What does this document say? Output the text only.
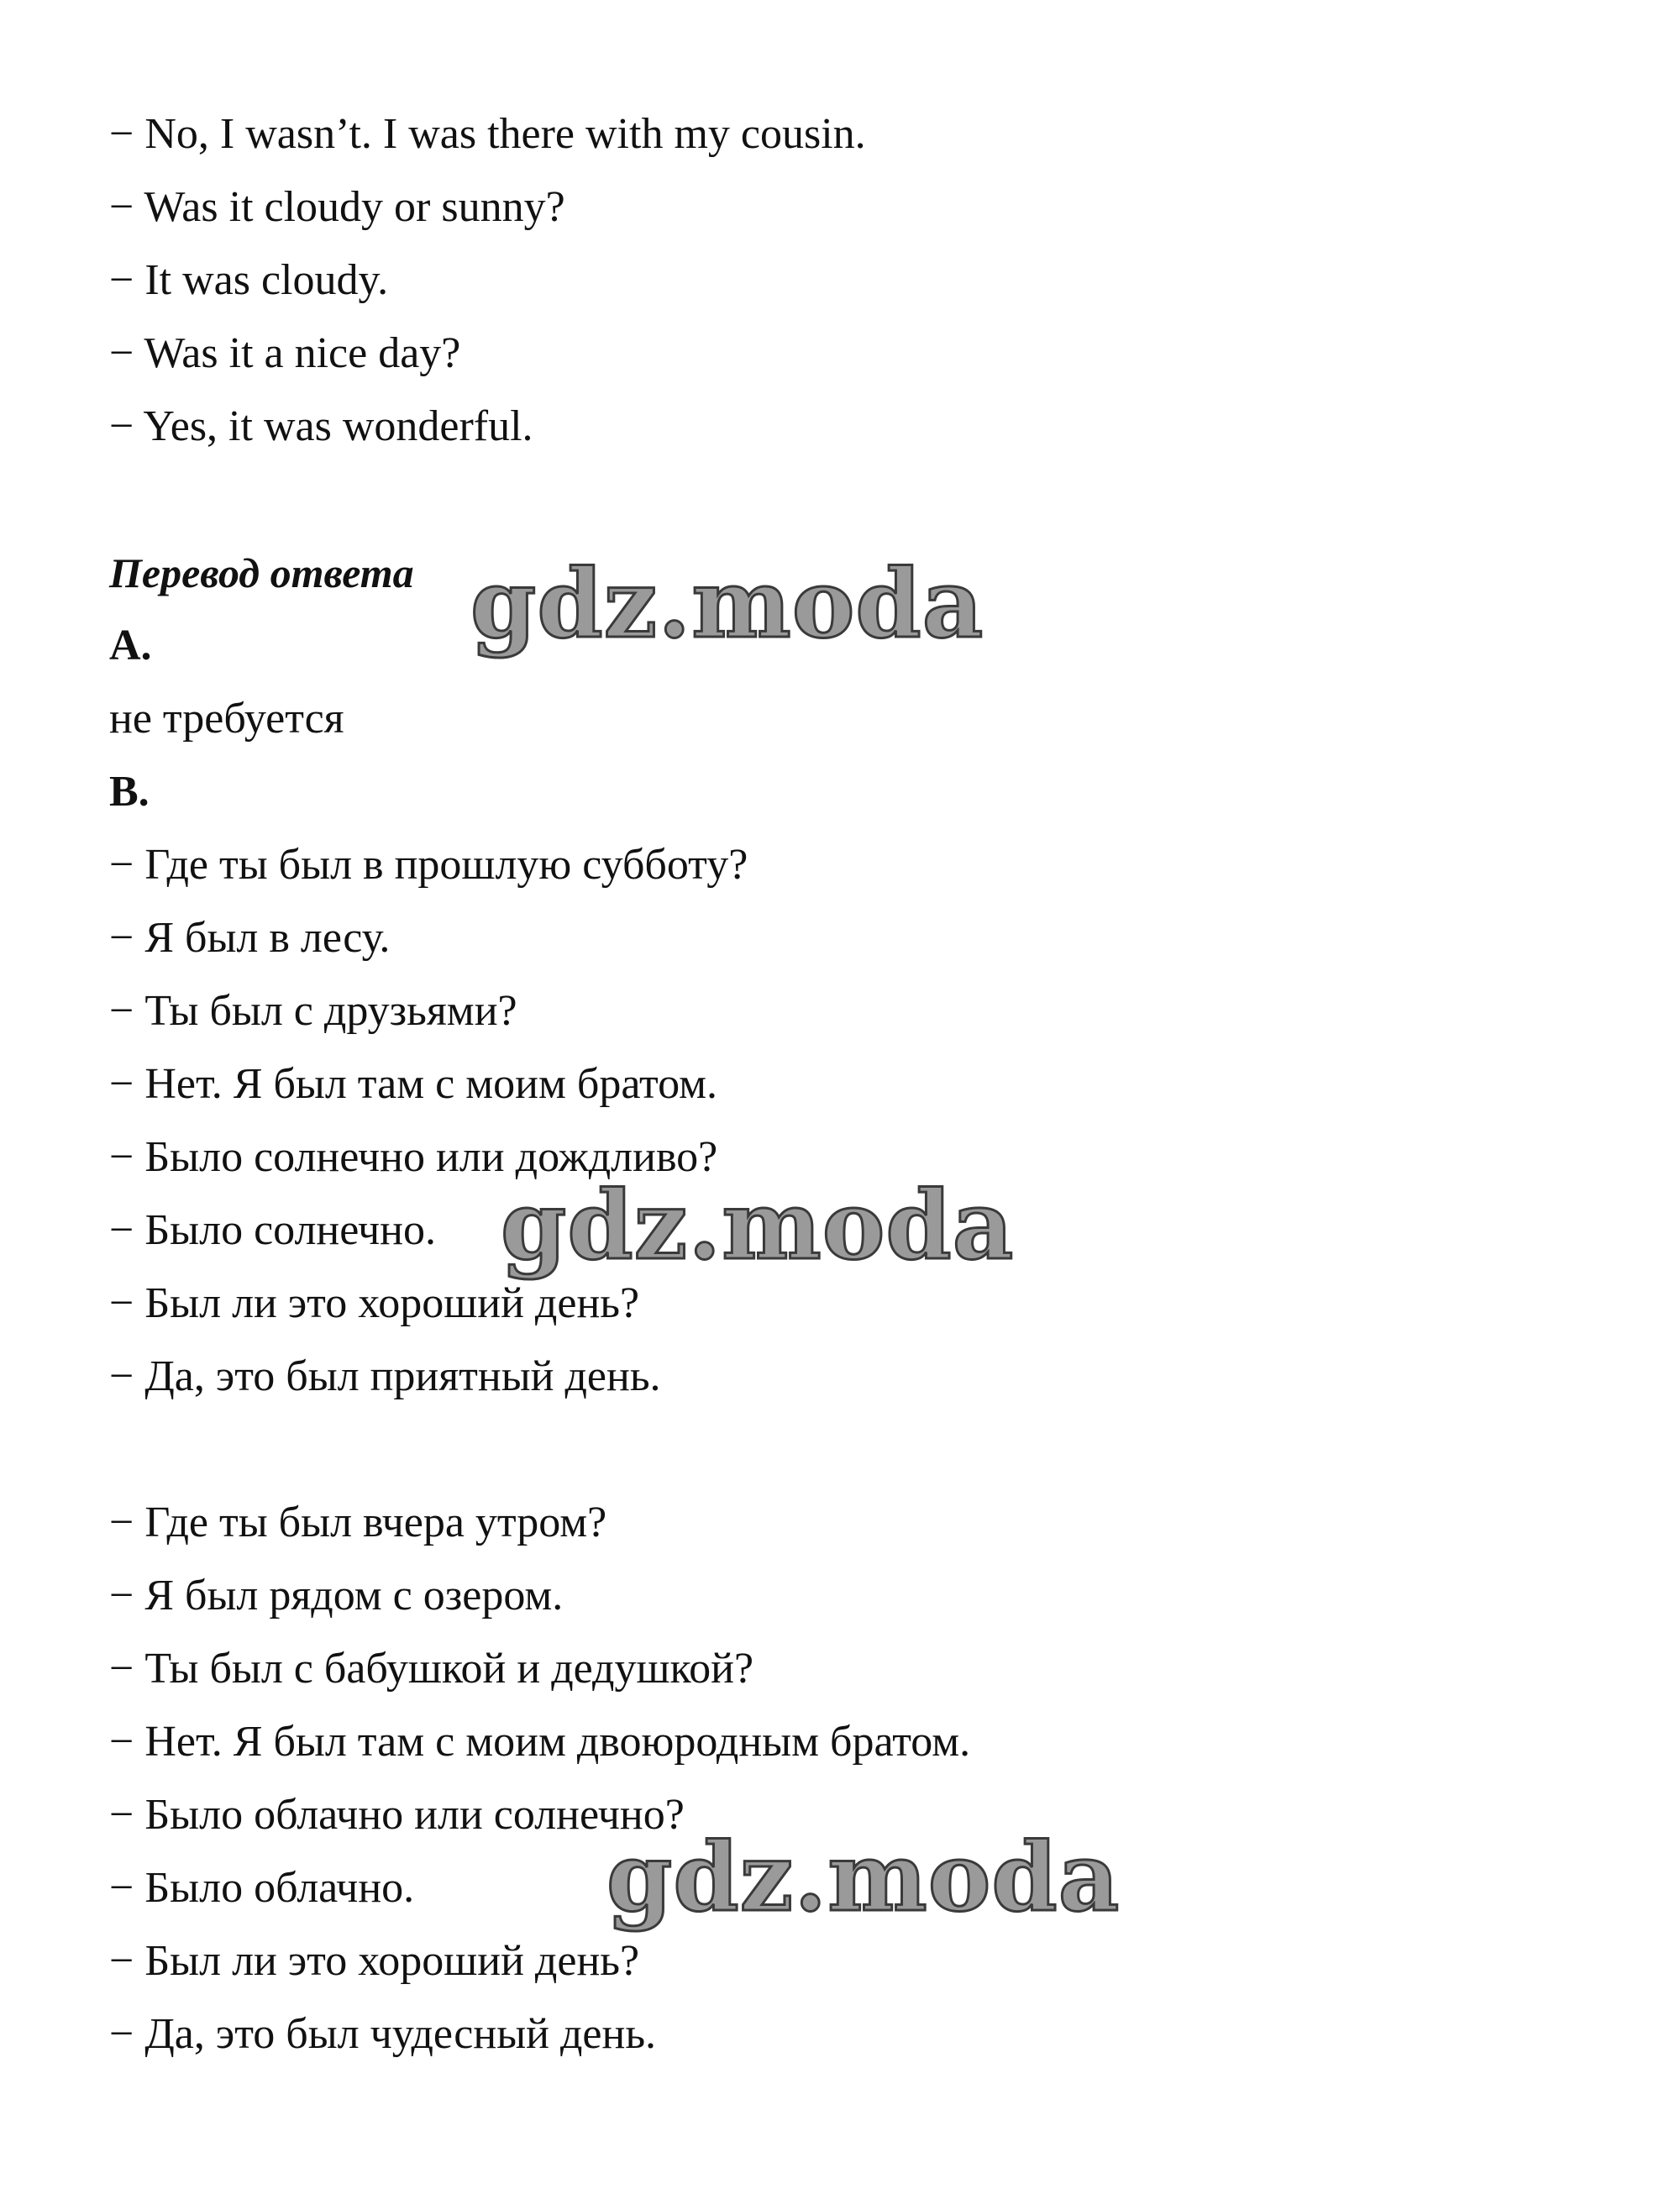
− No, I wasn’t. I was there with my cousin.
− Was it cloudy or sunny?
− It was cloudy.
− Was it a nice day?
− Yes, it was wonderful.
Перевод ответа
A.
не требуется
B.
− Где ты был в прошлую субботу?
− Я был в лесу.
− Ты был с друзьями?
− Нет. Я был там с моим братом.
− Было солнечно или дождливо?
− Было солнечно.
− Был ли это хороший день?
− Да, это был приятный день.
− Где ты был вчера утром?
− Я был рядом с озером.
− Ты был с бабушкой и дедушкой?
− Нет. Я был там с моим двоюродным братом.
− Было облачно или солнечно?
− Было облачно.
− Был ли это хороший день?
− Да, это был чудесный день.
gdz.moda
gdz.moda
gdz.moda
